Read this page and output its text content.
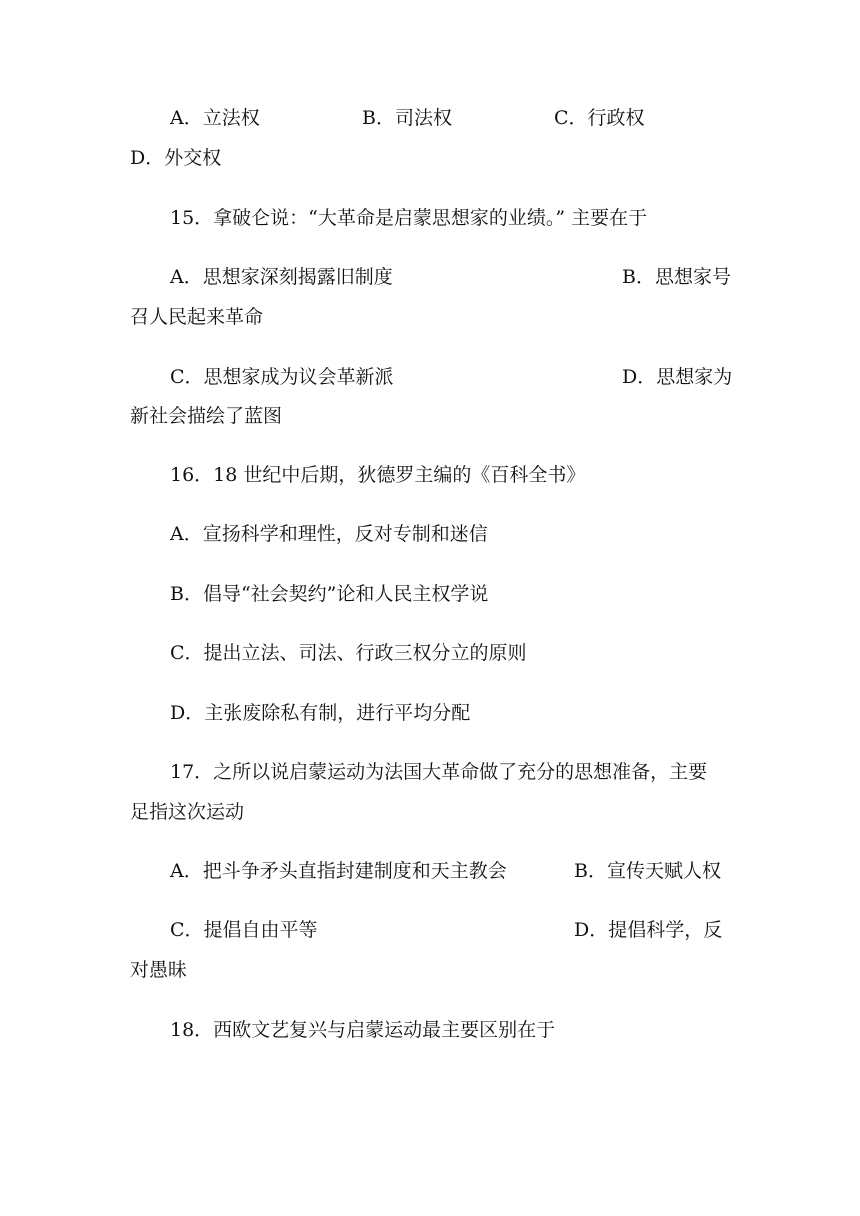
A．立法权	B．司法权	C．行政权
D．外交权
15．拿破仑说：“大革命是启蒙思想家的业绩。” 主要在于
A．思想家深刻揭露旧制度	B．思想家号
召人民起来革命
C．思想家成为议会革新派	D．思想家为
新社会描绘了蓝图
16．18 世纪中后期，狄德罗主编的《百科全书》
A．宣扬科学和理性，反对专制和迷信
B．倡导“社会契约”论和人民主权学说
C．提出立法、司法、行政三权分立的原则
D．主张废除私有制，进行平均分配
17．之所以说启蒙运动为法国大革命做了充分的思想准备，主要
足指这次运动
A．把斗争矛头直指封建制度和天主教会	B．宣传天赋人权
C．提倡自由平等	D．提倡科学，反
对愚昧
18．西欧文艺复兴与启蒙运动最主要区别在于
